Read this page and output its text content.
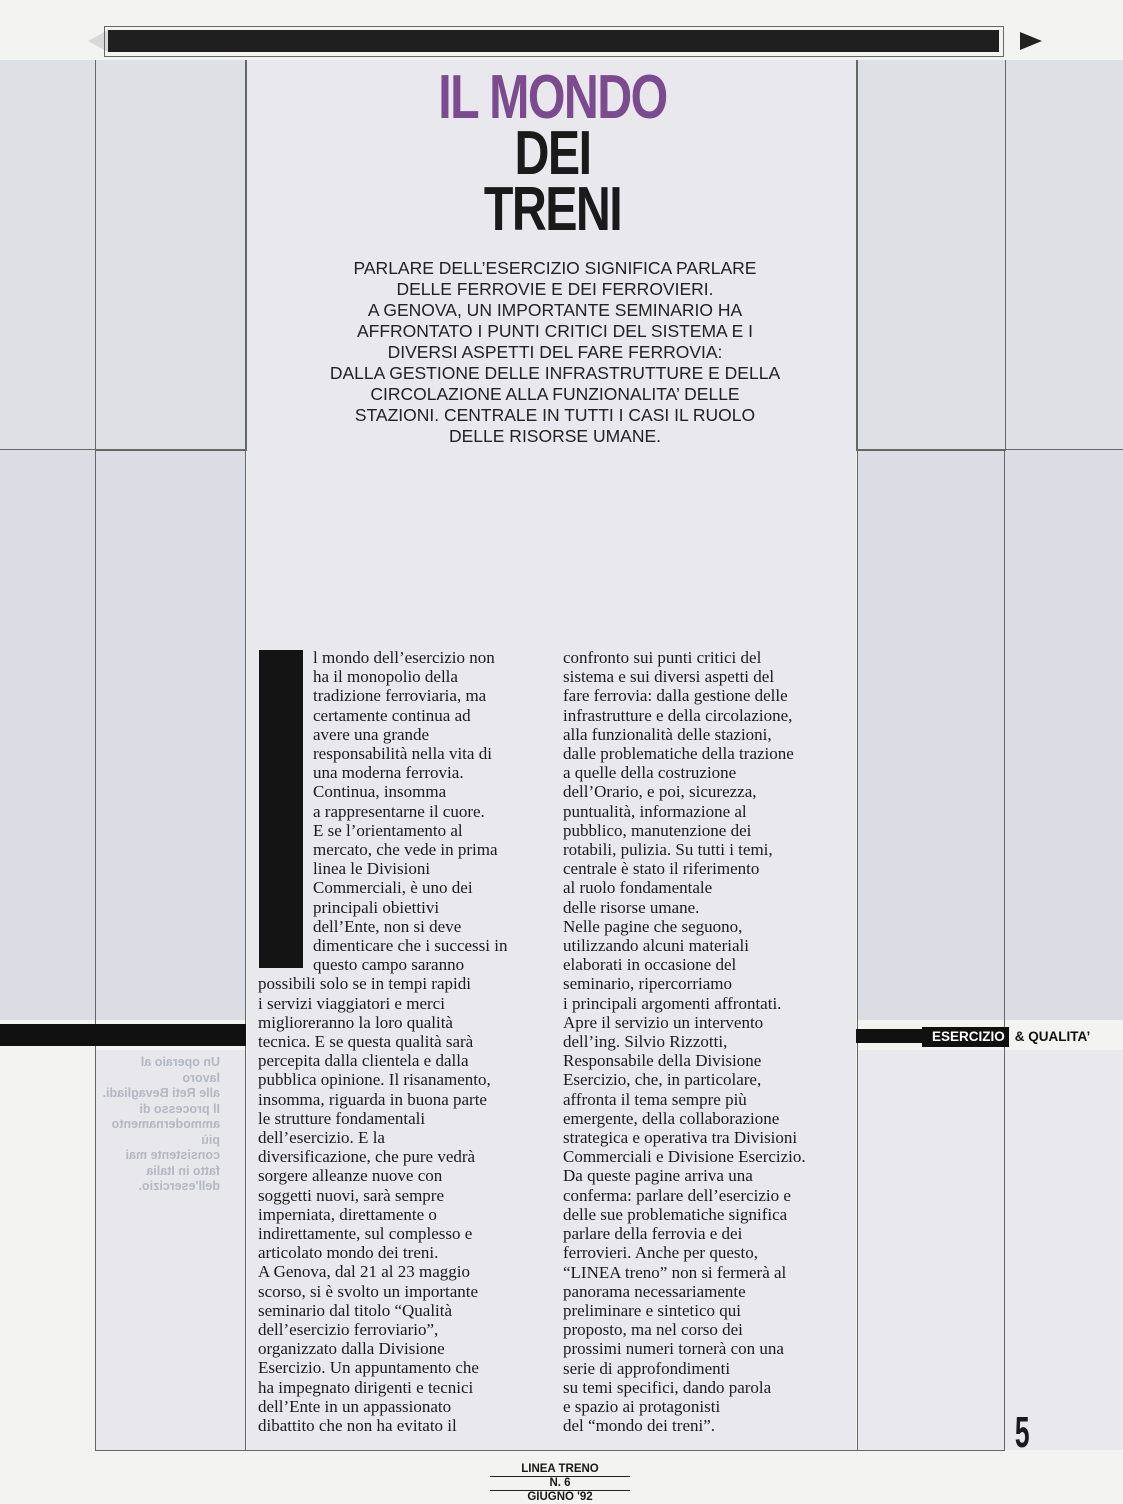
IL MONDO
DEI
TRENI
PARLARE DELL’ESERCIZIO SIGNIFICA PARLARE
DELLE FERROVIE E DEI FERROVIERI.
A GENOVA, UN IMPORTANTE SEMINARIO HA
AFFRONTATO I PUNTI CRITICI DEL SISTEMA E I
DIVERSI ASPETTI DEL FARE FERROVIA:
DALLA GESTIONE DELLE INFRASTRUTTURE E DELLA
CIRCOLAZIONE ALLA FUNZIONALITA’ DELLE
STAZIONI. CENTRALE IN TUTTI I CASI IL RUOLO
DELLE RISORSE UMANE.
l mondo dell’esercizio non
ha il monopolio della
tradizione ferroviaria, ma
certamente continua ad
avere una grande
responsabilità nella vita di
una moderna ferrovia.
Continua, insomma
a rappresentarne il cuore.
E se l’orientamento al
mercato, che vede in prima
linea le Divisioni
Commerciali, è uno dei
principali obiettivi
dell’Ente, non si deve
dimenticare che i successi in
questo campo saranno
possibili solo se in tempi rapidi
i servizi viaggiatori e merci
miglioreranno la loro qualità
tecnica. E se questa qualità sarà
percepita dalla clientela e dalla
pubblica opinione. Il risanamento,
insomma, riguarda in buona parte
le strutture fondamentali
dell’esercizio. E la
diversificazione, che pure vedrà
sorgere alleanze nuove con
soggetti nuovi, sarà sempre
imperniata, direttamente o
indirettamente, sul complesso e
articolato mondo dei treni.
A Genova, dal 21 al 23 maggio
scorso, si è svolto un importante
seminario dal titolo “Qualità
dell’esercizio ferroviario”,
organizzato dalla Divisione
Esercizio. Un appuntamento che
ha impegnato dirigenti e tecnici
dell’Ente in un appassionato
dibattito che non ha evitato il
confronto sui punti critici del
sistema e sui diversi aspetti del
fare ferrovia: dalla gestione delle
infrastrutture e della circolazione,
alla funzionalità delle stazioni,
dalle problematiche della trazione
a quelle della costruzione
dell’Orario, e poi, sicurezza,
puntualità, informazione al
pubblico, manutenzione dei
rotabili, pulizia. Su tutti i temi,
centrale è stato il riferimento
al ruolo fondamentale
delle risorse umane.
Nelle pagine che seguono,
utilizzando alcuni materiali
elaborati in occasione del
seminario, ripercorriamo
i principali argomenti affrontati.
Apre il servizio un intervento
dell’ing. Silvio Rizzotti,
Responsabile della Divisione
Esercizio, che, in particolare,
affronta il tema sempre più
emergente, della collaborazione
strategica e operativa tra Divisioni
Commerciali e Divisione Esercizio.
Da queste pagine arriva una
conferma: parlare dell’esercizio e
delle sue problematiche significa
parlare della ferrovia e dei
ferrovieri. Anche per questo,
“LINEA treno” non si fermerà al
panorama necessariamente
preliminare e sintetico qui
proposto, ma nel corso dei
prossimi numeri tornerà con una
serie di approfondimenti
su temi specifici, dando parola
e spazio ai protagonisti
del “mondo dei treni”.
ESERCIZIO & QUALITA’
Un operaio al lavoro
alle Reti Bevagliadi.
Il processo di
ammodernamento più
consistente mai
fatto in Italia
dell'esercizio.
5
LINEA TRENO
N. 6
GIUGNO '92
